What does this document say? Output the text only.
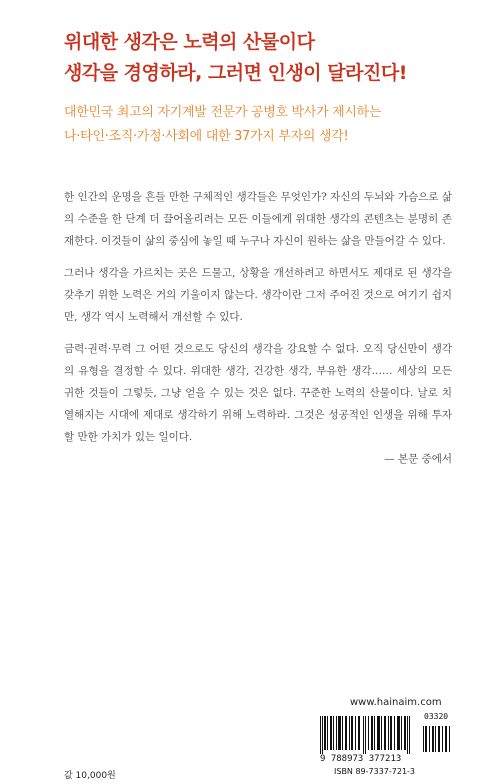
위대한 생각은 노력의 산물이다
생각을 경영하라, 그러면 인생이 달라진다!
대한민국 최고의 자기계발 전문가 공병호 박사가 제시하는
나·타인·조직·가정·사회에 대한 37가지 부자의 생각!

한 인간의 운명을 흔들 만한 구체적인 생각들은 무엇인가? 자신의 두뇌와 가슴으로 삶의 수준을 한 단계 더 끌어올리려는 모든 이들에게 위대한 생각의 콘텐츠는 분명히 존재한다. 이것들이 삶의 중심에 놓일 때 누구나 자신이 원하는 삶을 만들어갈 수 있다.

그러나 생각을 가르치는 곳은 드물고, 상황을 개선하려고 하면서도 제대로 된 생각을 갖추기 위한 노력은 거의 기울이지 않는다. 생각이란 그저 주어진 것으로 여기기 쉽지만, 생각 역시 노력해서 개선할 수 있다.

금력·권력·무력 그 어떤 것으로도 당신의 생각을 강요할 수 없다. 오직 당신만이 생각의 유형을 결정할 수 있다. 위대한 생각, 건강한 생각, 부유한 생각…… 세상의 모든 귀한 것들이 그렇듯, 그냥 얻을 수 있는 것은 없다. 꾸준한 노력의 산물이다. 날로 치열해지는 시대에 제대로 생각하기 위해 노력하라. 그것은 성공적인 인생을 위해 투자할 만한 가치가 있는 일이다.
— 본문 중에서

www.hainaim.com
03320
9 788973 377213
ISBN 89-7337-721-3
값 10,000원
